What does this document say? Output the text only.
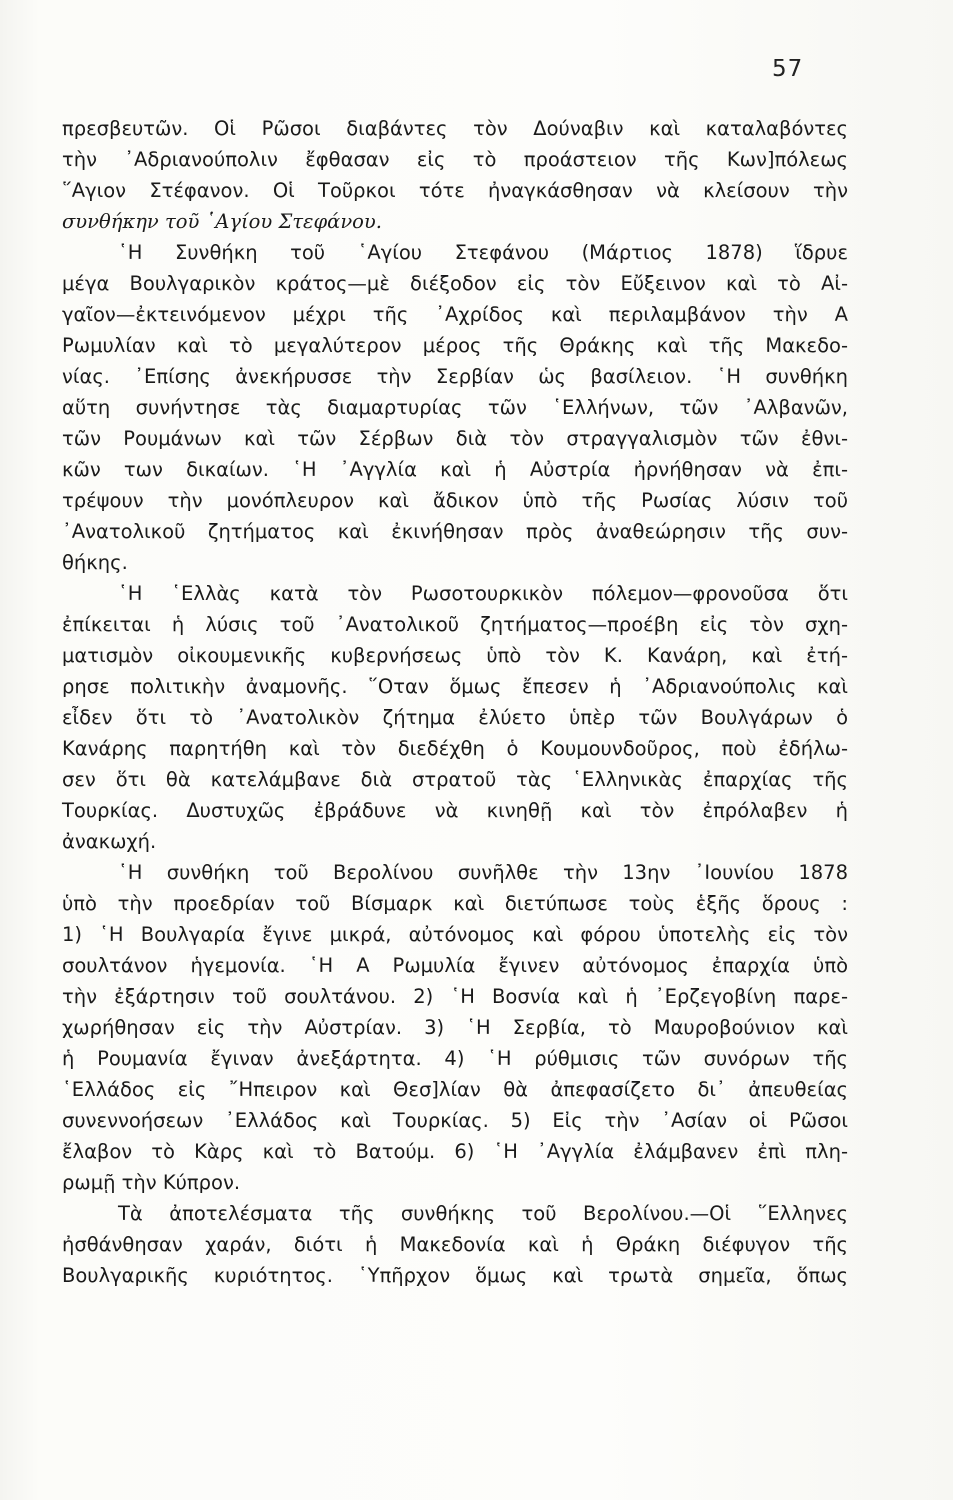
57
πρεσβευτῶν. Οἱ Ρῶσοι διαβάντες τὸν Δούναβιν καὶ καταλαβόντες
τὴν ᾿Αδριανούπολιν ἔφθασαν εἰς τὸ προάστειον τῆς Κων]πόλεως
῞Αγιον Στέφανον. Οἱ Τοῦρκοι τότε ἠναγκάσθησαν νὰ κλείσουν τὴν
συνθήκην τοῦ ῾Αγίου Στεφάνου.
῾Η Συνθήκη τοῦ ῾Αγίου Στεφάνου (Μάρτιος 1878) ἵδρυε
μέγα Βουλγαρικὸν κράτος—μὲ διέξοδον εἰς τὸν Εὔξεινον καὶ τὸ Αἰ-
γαῖον—ἐκτεινόμενον μέχρι τῆς ᾿Αχρίδος καὶ περιλαμβάνον τὴν Α
Ρωμυλίαν καὶ τὸ μεγαλύτερον μέρος τῆς Θράκης καὶ τῆς Μακεδο-
νίας. ᾿Επίσης ἀνεκήρυσσε τὴν Σερβίαν ὡς βασίλειον. ῾Η συνθήκη
αὕτη συνήντησε τὰς διαμαρτυρίας τῶν ῾Ελλήνων, τῶν ᾿Αλβανῶν,
τῶν Ρουμάνων καὶ τῶν Σέρβων διὰ τὸν στραγγαλισμὸν τῶν ἐθνι-
κῶν των δικαίων. ῾Η ᾿Αγγλία καὶ ἡ Αὐστρία ἠρνήθησαν νὰ ἐπι-
τρέψουν τὴν μονόπλευρον καὶ ἄδικον ὑπὸ τῆς Ρωσίας λύσιν τοῦ
᾿Ανατολικοῦ ζητήματος καὶ ἐκινήθησαν πρὸς ἀναθεώρησιν τῆς συν-
θήκης.
῾Η ῾Ελλὰς κατὰ τὸν Ρωσοτουρκικὸν πόλεμον—φρονοῦσα ὅτι
ἐπίκειται ἡ λύσις τοῦ ᾿Ανατολικοῦ ζητήματος—προέβη εἰς τὸν σχη-
ματισμὸν οἰκουμενικῆς κυβερνήσεως ὑπὸ τὸν Κ. Κανάρη, καὶ ἐτή-
ρησε πολιτικὴν ἀναμονῆς. ῞Οταν ὅμως ἔπεσεν ἡ ᾿Αδριανούπολις καὶ
εἶδεν ὅτι τὸ ᾿Ανατολικὸν ζήτημα ἐλύετο ὑπὲρ τῶν Βουλγάρων ὁ
Κανάρης παρητήθη καὶ τὸν διεδέχθη ὁ Κουμουνδοῦρος, ποὺ ἐδήλω-
σεν ὅτι θὰ κατελάμβανε διὰ στρατοῦ τὰς ῾Ελληνικὰς ἐπαρχίας τῆς
Τουρκίας. Δυστυχῶς ἐβράδυνε νὰ κινηθῇ καὶ τὸν ἐπρόλαβεν ἡ
ἀνακωχή.
῾Η συνθήκη τοῦ Βερολίνου συνῆλθε τὴν 13ην ᾿Ιουνίου 1878
ὑπὸ τὴν προεδρίαν τοῦ Βίσμαρκ καὶ διετύπωσε τοὺς ἑξῆς ὅρους :
1) ῾Η Βουλγαρία ἔγινε μικρά, αὐτόνομος καὶ φόρου ὑποτελὴς εἰς τὸν
σουλτάνον ἡγεμονία. ῾Η Α Ρωμυλία ἔγινεν αὐτόνομος ἐπαρχία ὑπὸ
τὴν ἐξάρτησιν τοῦ σουλτάνου. 2) ῾Η Βοσνία καὶ ἡ ᾿Ερζεγοβίνη παρε-
χωρήθησαν εἰς τὴν Αὐστρίαν. 3) ῾Η Σερβία, τὸ Μαυροβούνιον καὶ
ἡ Ρουμανία ἔγιναν ἀνεξάρτητα. 4) ῾Η ρύθμισις τῶν συνόρων τῆς
῾Ελλάδος εἰς ῎Ηπειρον καὶ Θεσ]λίαν θὰ ἀπεφασίζετο δι᾿ ἀπευθείας
συνεννοήσεων ᾿Ελλάδος καὶ Τουρκίας. 5) Εἰς τὴν ᾿Ασίαν οἱ Ρῶσοι
ἔλαβον τὸ Κὰρς καὶ τὸ Βατούμ. 6) ῾Η ᾿Αγγλία ἐλάμβανεν ἐπὶ πλη-
ρωμῇ τὴν Κύπρον.
Τὰ ἀποτελέσματα τῆς συνθήκης τοῦ Βερολίνου.—Οἱ ῞Ελληνες
ἠσθάνθησαν χαράν, διότι ἡ Μακεδονία καὶ ἡ Θράκη διέφυγον τῆς
Βουλγαρικῆς κυριότητος. ῾Υπῆρχον ὅμως καὶ τρωτὰ σημεῖα, ὅπως
